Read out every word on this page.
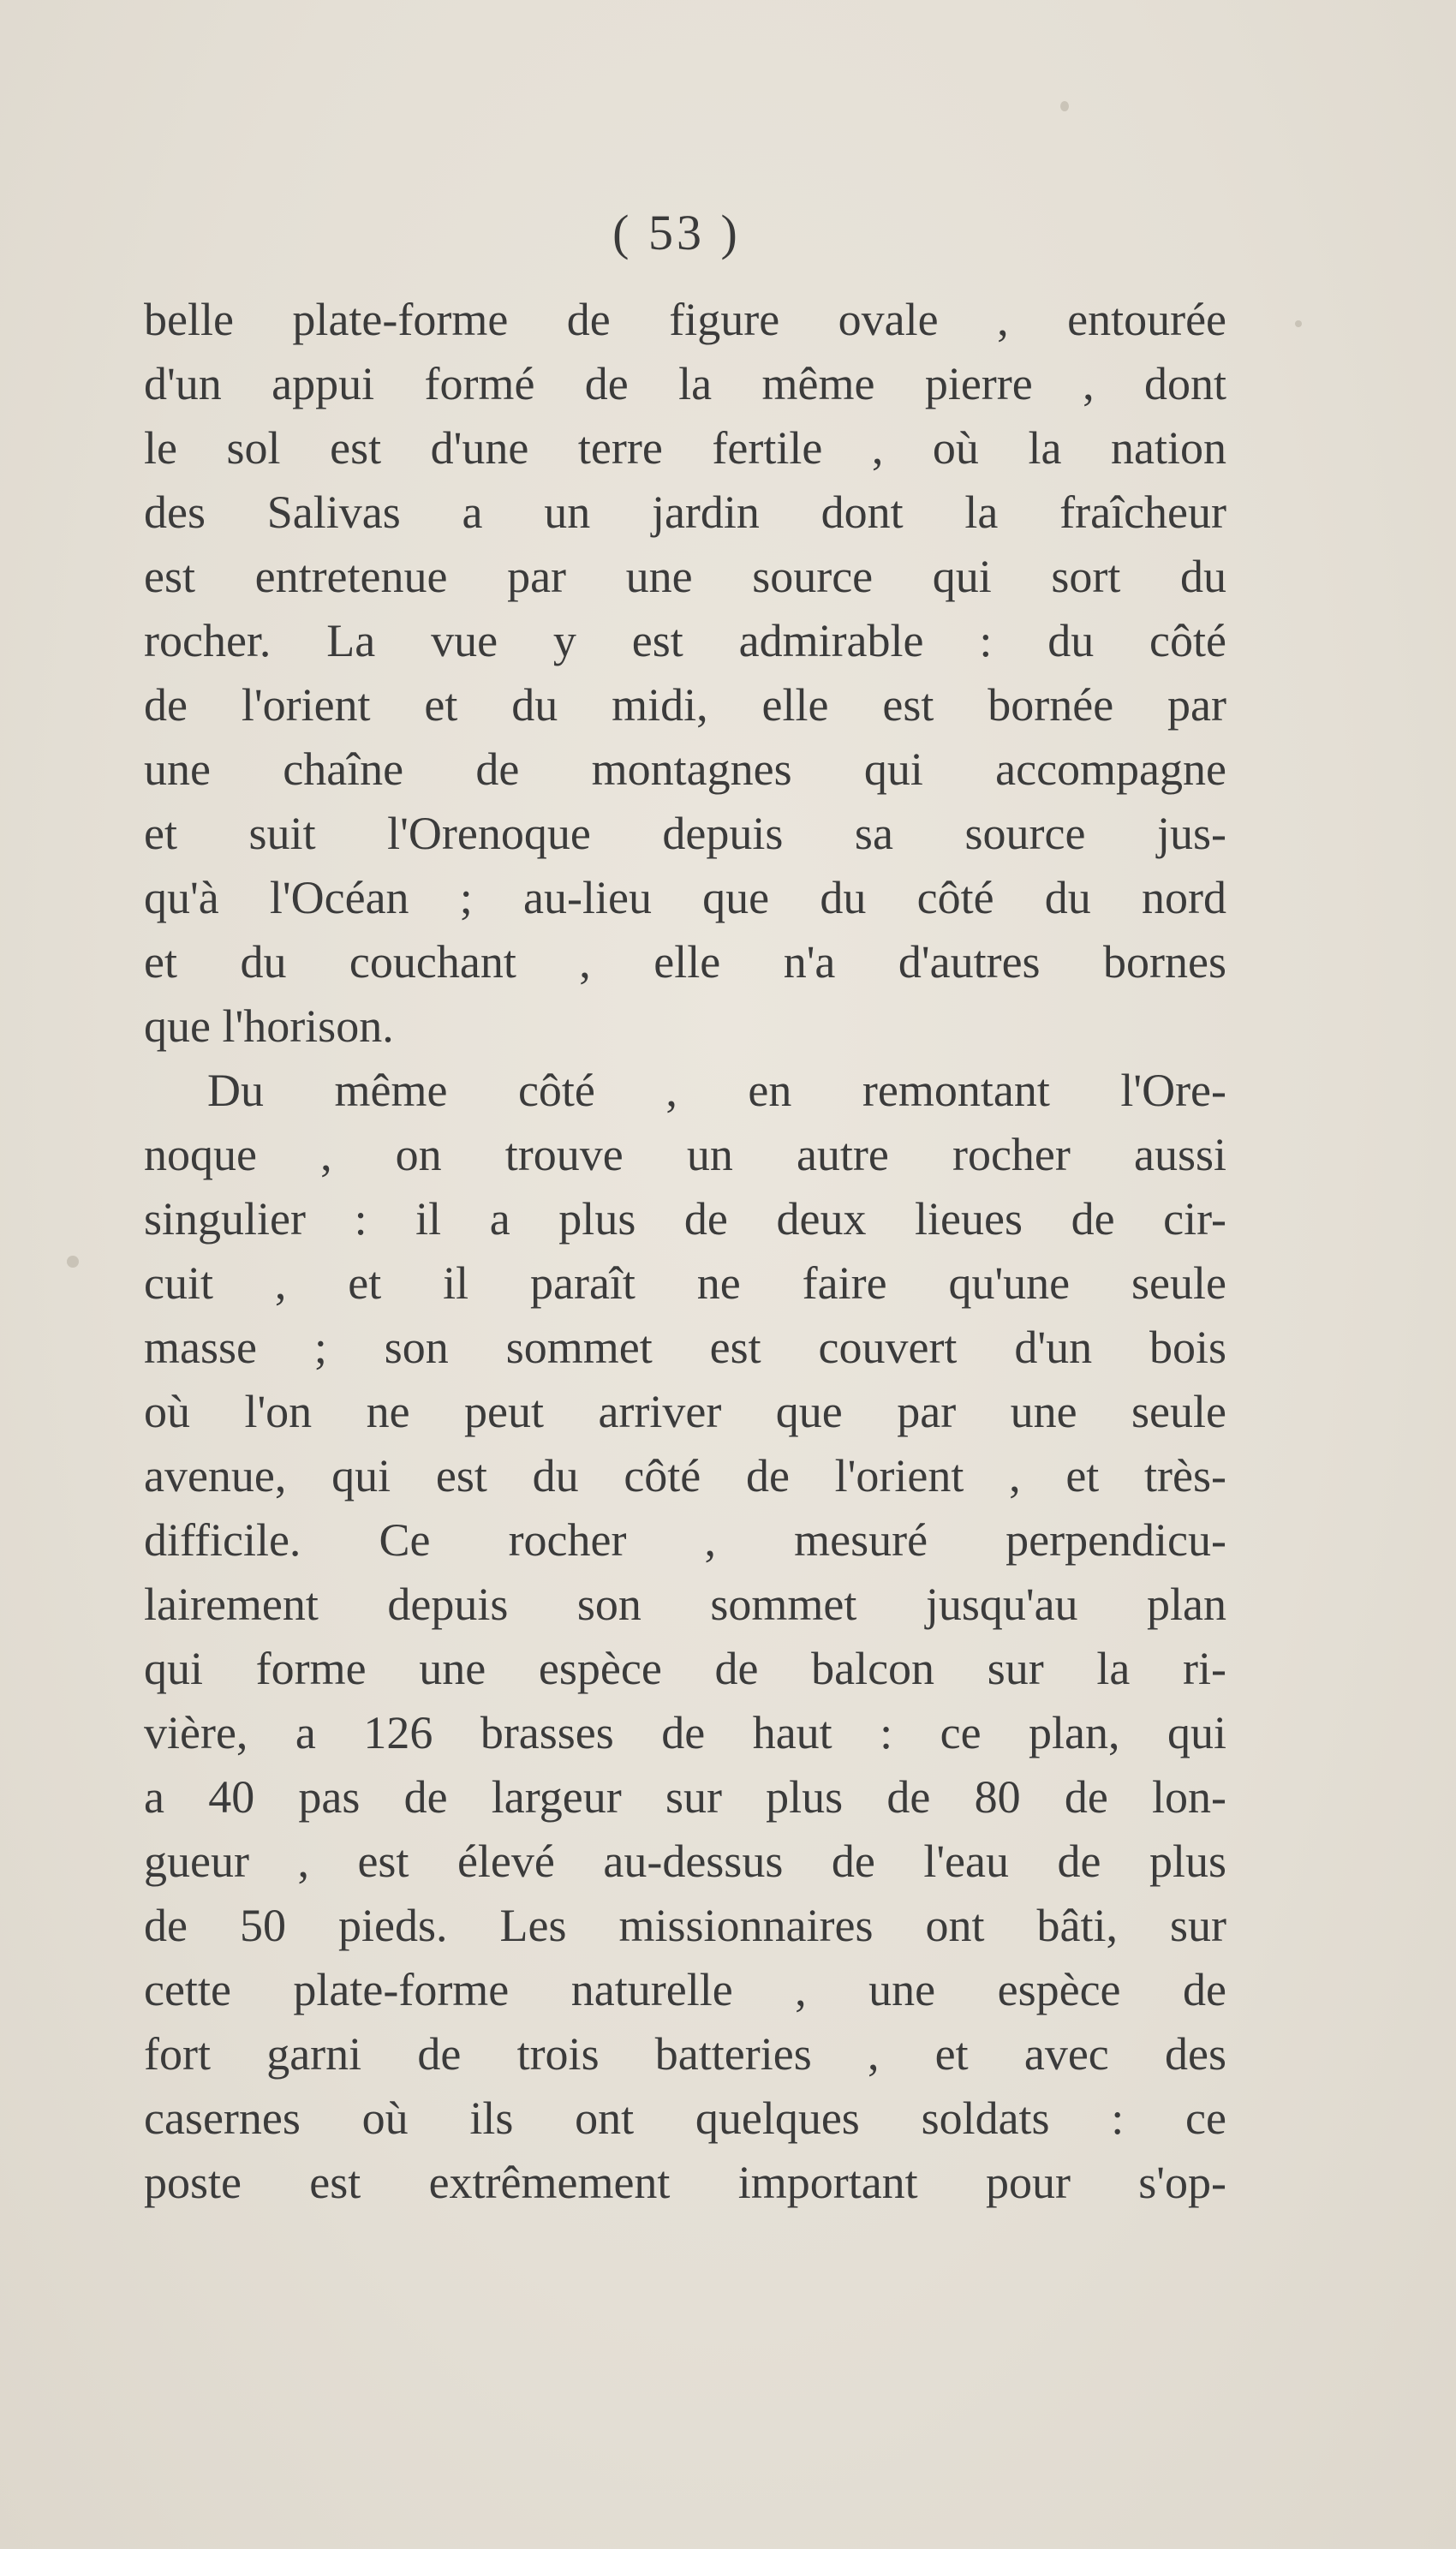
( 53 )
belle plate-forme de figure ovale , entourée
d'un appui formé de la même pierre , dont
le sol est d'une terre fertile , où la nation
des Salivas a un jardin dont la fraîcheur
est entretenue par une source qui sort du
rocher. La vue y est admirable : du côté
de l'orient et du midi, elle est bornée par
une chaîne de montagnes qui accompagne
et suit l'Orenoque depuis sa source jus-
qu'à l'Océan ; au-lieu que du côté du nord
et du couchant , elle n'a d'autres bornes
que l'horison.
Du même côté , en remontant l'Ore-
noque , on trouve un autre rocher aussi
singulier : il a plus de deux lieues de cir-
cuit , et il paraît ne faire qu'une seule
masse ; son sommet est couvert d'un bois
où l'on ne peut arriver que par une seule
avenue, qui est du côté de l'orient , et très-
difficile. Ce rocher , mesuré perpendicu-
lairement depuis son sommet jusqu'au plan
qui forme une espèce de balcon sur la ri-
vière, a 126 brasses de haut : ce plan, qui
a 40 pas de largeur sur plus de 80 de lon-
gueur , est élevé au-dessus de l'eau de plus
de 50 pieds. Les missionnaires ont bâti, sur
cette plate-forme naturelle , une espèce de
fort garni de trois batteries , et avec des
casernes où ils ont quelques soldats : ce
poste est extrêmement important pour s'op-
